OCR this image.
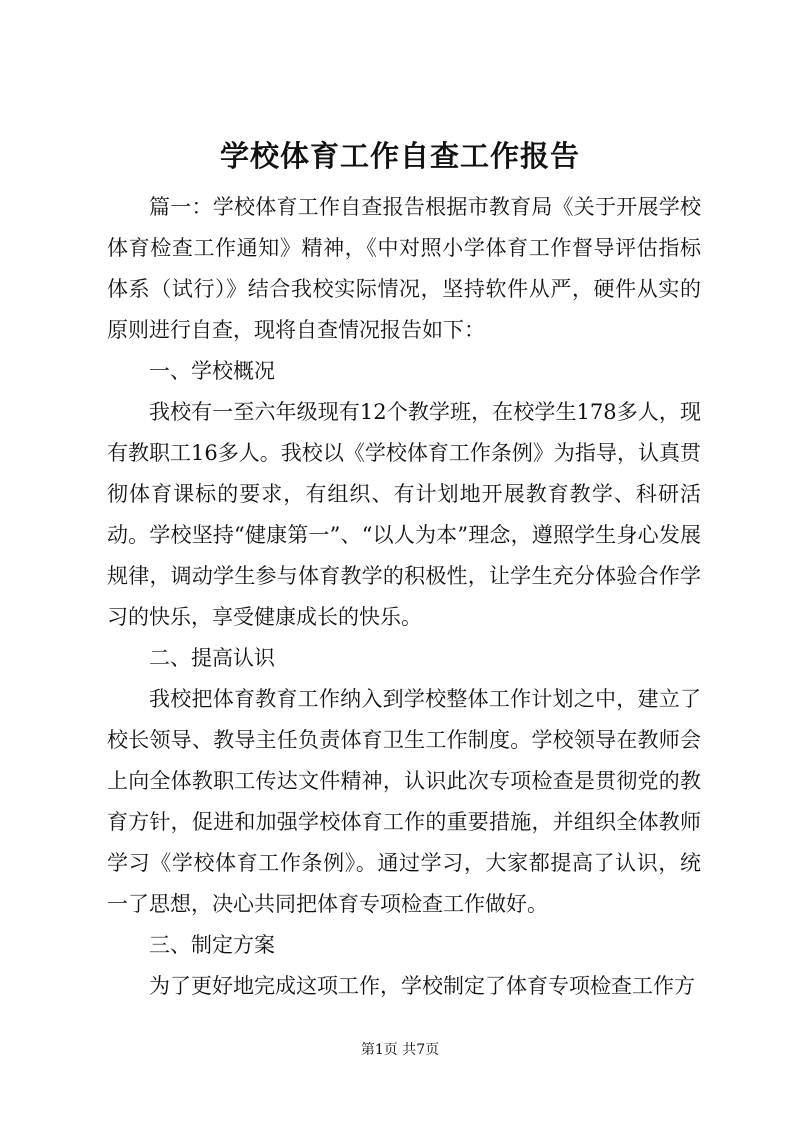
学校体育工作自查工作报告

篇一：学校体育工作自查报告根据市教育局《关于开展学校体育检查工作通知》精神，《中对照小学体育工作督导评估指标体系（试行）》结合我校实际情况，坚持软件从严，硬件从实的原则进行自查，现将自查情况报告如下：

一、学校概况

我校有一至六年级现有12个教学班，在校学生178多人，现有教职工16多人。我校以《学校体育工作条例》为指导，认真贯彻体育课标的要求，有组织、有计划地开展教育教学、科研活动。学校坚持“健康第一”、“以人为本”理念，遵照学生身心发展规律，调动学生参与体育教学的积极性，让学生充分体验合作学习的快乐，享受健康成长的快乐。

二、提高认识

我校把体育教育工作纳入到学校整体工作计划之中，建立了校长领导、教导主任负责体育卫生工作制度。学校领导在教师会上向全体教职工传达文件精神，认识此次专项检查是贯彻党的教育方针，促进和加强学校体育工作的重要措施，并组织全体教师学习《学校体育工作条例》。通过学习，大家都提高了认识，统一了思想，决心共同把体育专项检查工作做好。

三、制定方案

为了更好地完成这项工作，学校制定了体育专项检查工作方

第1页 共7页
